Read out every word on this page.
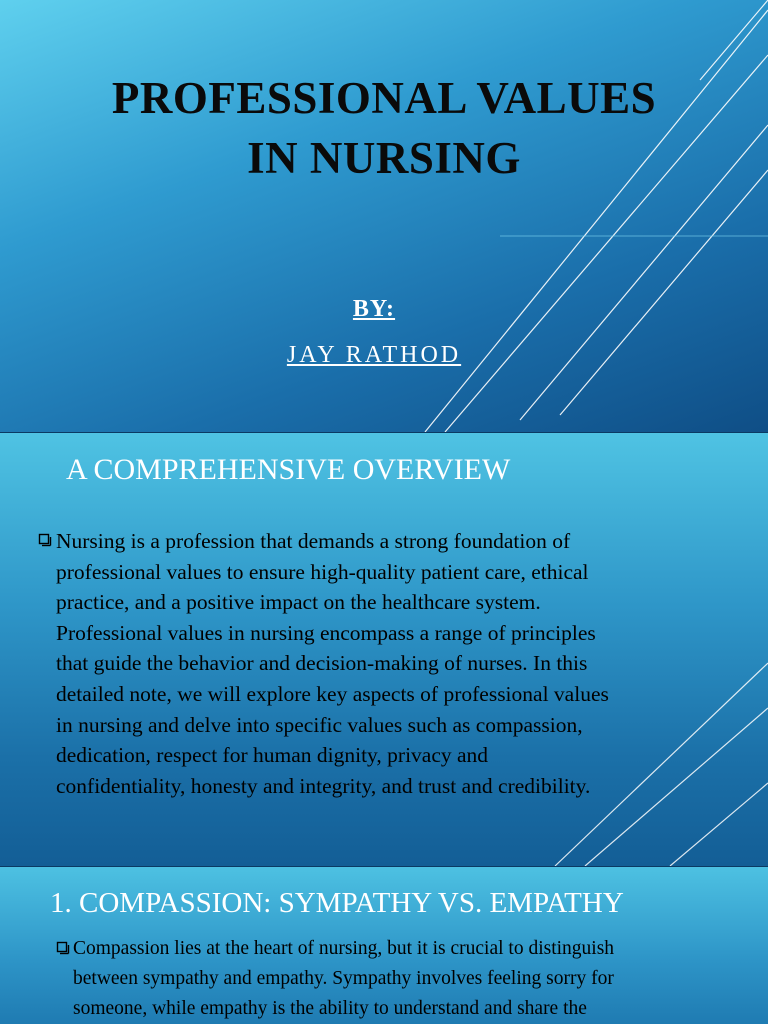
PROFESSIONAL VALUES
IN NURSING
BY:
JAY RATHOD
A COMPREHENSIVE OVERVIEW
Nursing is a profession that demands a strong foundation of
professional values to ensure high-quality patient care, ethical
practice, and a positive impact on the healthcare system.
Professional values in nursing encompass a range of principles
that guide the behavior and decision-making of nurses. In this
detailed note, we will explore key aspects of professional values
in nursing and delve into specific values such as compassion,
dedication, respect for human dignity, privacy and
confidentiality, honesty and integrity, and trust and credibility.
1. COMPASSION: SYMPATHY VS. EMPATHY
Compassion lies at the heart of nursing, but it is crucial to distinguish
between sympathy and empathy. Sympathy involves feeling sorry for
someone, while empathy is the ability to understand and share the
